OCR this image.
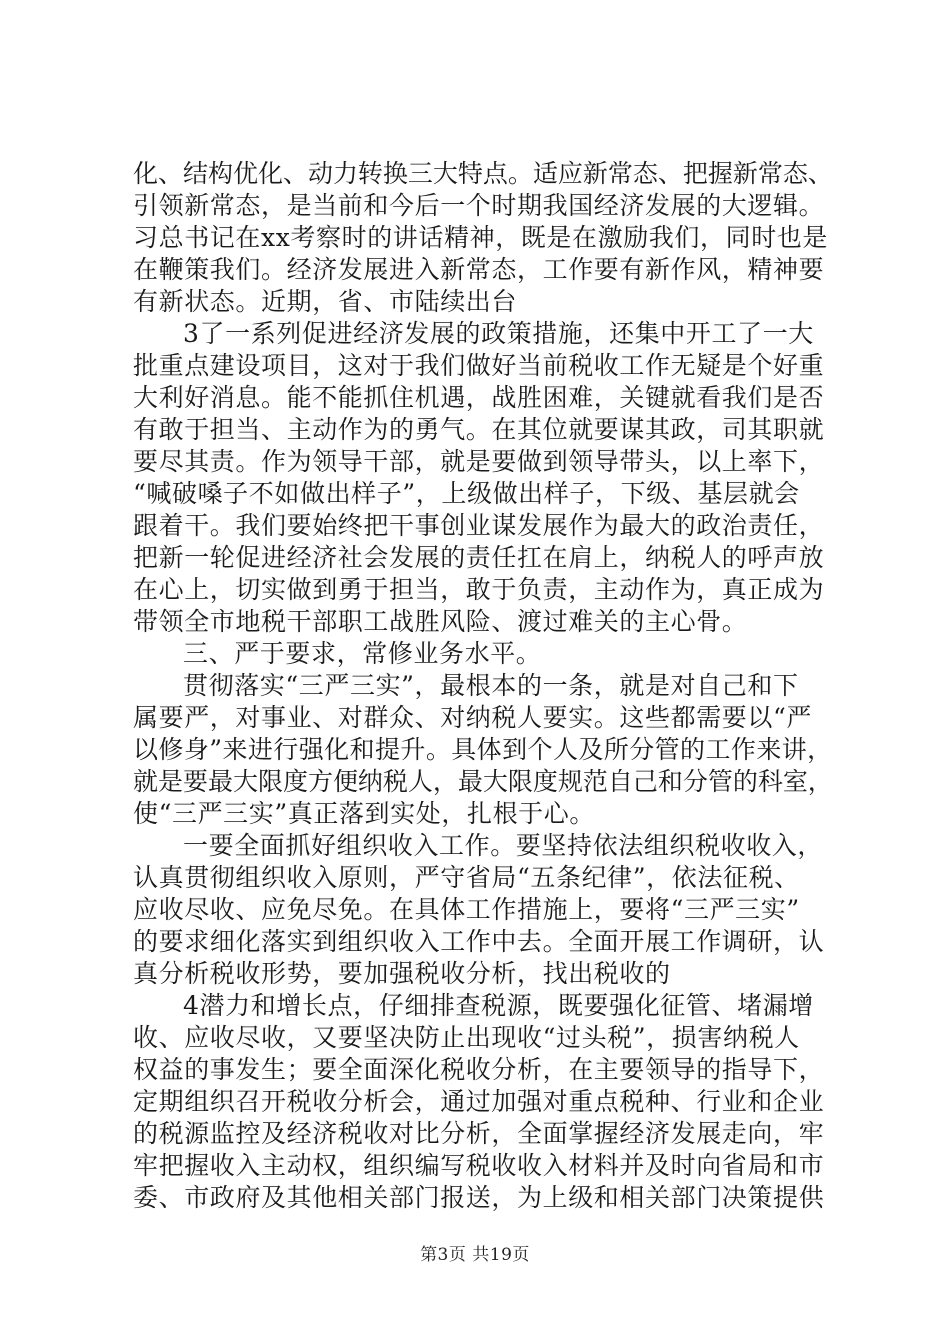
化、结构优化、动力转换三大特点。适应新常态、把握新常态、
引领新常态，是当前和今后一个时期我国经济发展的大逻辑。
习总书记在xx考察时的讲话精神，既是在激励我们，同时也是
在鞭策我们。经济发展进入新常态，工作要有新作风，精神要
有新状态。近期，省、市陆续出台
3了一系列促进经济发展的政策措施，还集中开工了一大
批重点建设项目，这对于我们做好当前税收工作无疑是个好重
大利好消息。能不能抓住机遇，战胜困难，关键就看我们是否
有敢于担当、主动作为的勇气。在其位就要谋其政，司其职就
要尽其责。作为领导干部，就是要做到领导带头，以上率下，
“喊破嗓子不如做出样子”，上级做出样子，下级、基层就会
跟着干。我们要始终把干事创业谋发展作为最大的政治责任，
把新一轮促进经济社会发展的责任扛在肩上，纳税人的呼声放
在心上，切实做到勇于担当，敢于负责，主动作为，真正成为
带领全市地税干部职工战胜风险、渡过难关的主心骨。
三、严于要求，常修业务水平。
贯彻落实“三严三实”，最根本的一条，就是对自己和下
属要严，对事业、对群众、对纳税人要实。这些都需要以“严
以修身”来进行强化和提升。具体到个人及所分管的工作来讲，
就是要最大限度方便纳税人，最大限度规范自己和分管的科室，
使“三严三实”真正落到实处，扎根于心。
一要全面抓好组织收入工作。要坚持依法组织税收收入，
认真贯彻组织收入原则，严守省局“五条纪律”，依法征税、
应收尽收、应免尽免。在具体工作措施上，要将“三严三实”
的要求细化落实到组织收入工作中去。全面开展工作调研，认
真分析税收形势，要加强税收分析，找出税收的
4潜力和增长点，仔细排查税源，既要强化征管、堵漏增
收、应收尽收，又要坚决防止出现收“过头税”，损害纳税人
权益的事发生；要全面深化税收分析，在主要领导的指导下，
定期组织召开税收分析会，通过加强对重点税种、行业和企业
的税源监控及经济税收对比分析，全面掌握经济发展走向，牢
牢把握收入主动权，组织编写税收收入材料并及时向省局和市
委、市政府及其他相关部门报送，为上级和相关部门决策提供
第3页 共19页
